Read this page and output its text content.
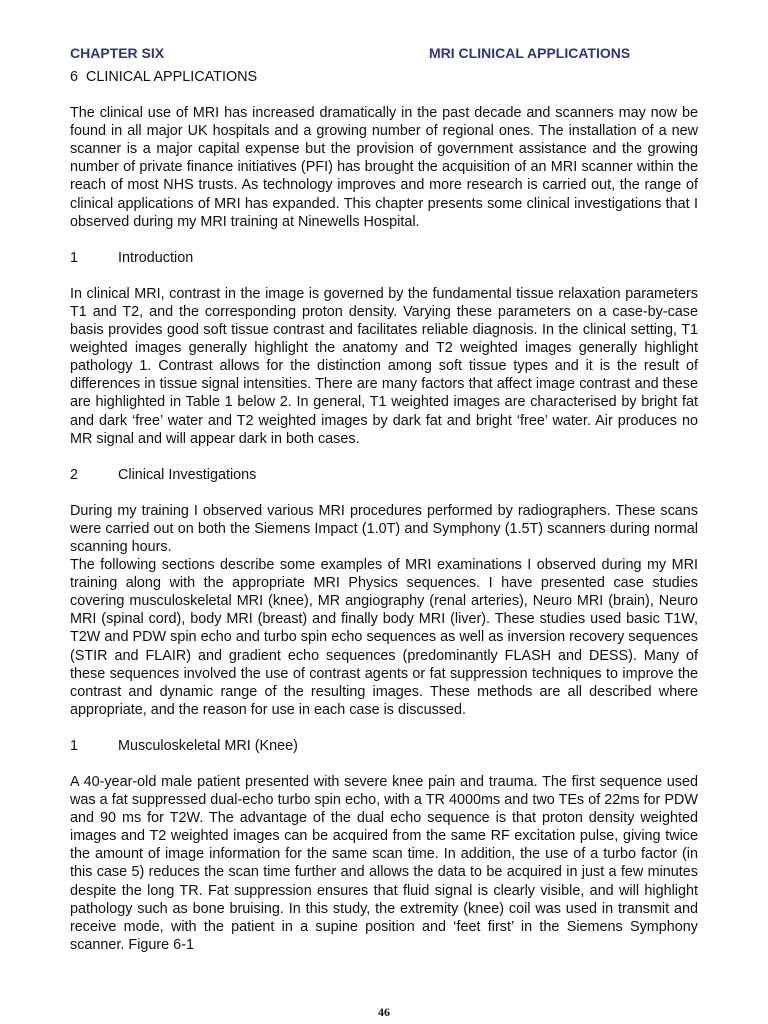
CHAPTER SIX	MRI CLINICAL APPLICATIONS
6 CLINICAL APPLICATIONS

The clinical use of MRI has increased dramatically in the past decade and scanners may now be found in all major UK hospitals and a growing number of regional ones. The installation of a new scanner is a major capital expense but the provision of government assistance and the growing number of private finance initiatives (PFI) has brought the acquisition of an MRI scanner within the reach of most NHS trusts. As technology improves and more research is carried out, the range of clinical applications of MRI has expanded. This chapter presents some clinical investigations that I observed during my MRI training at Ninewells Hospital.

1	Introduction

In clinical MRI, contrast in the image is governed by the fundamental tissue relaxation parameters T1 and T2, and the corresponding proton density. Varying these parameters on a case-by-case basis provides good soft tissue contrast and facilitates reliable diagnosis. In the clinical setting, T1 weighted images generally highlight the anatomy and T2 weighted images generally highlight pathology 1. Contrast allows for the distinction among soft tissue types and it is the result of differences in tissue signal intensities. There are many factors that affect image contrast and these are highlighted in Table 1 below 2. In general, T1 weighted images are characterised by bright fat and dark ‘free’ water and T2 weighted images by dark fat and bright ‘free’ water. Air produces no MR signal and will appear dark in both cases.

2	Clinical Investigations

During my training I observed various MRI procedures performed by radiographers. These scans were carried out on both the Siemens Impact (1.0T) and Symphony (1.5T) scanners during normal scanning hours.

The following sections describe some examples of MRI examinations I observed during my MRI training along with the appropriate MRI Physics sequences. I have presented case studies covering musculoskeletal MRI (knee), MR angiography (renal arteries), Neuro MRI (brain), Neuro MRI (spinal cord), body MRI (breast) and finally body MRI (liver). These studies used basic T1W, T2W and PDW spin echo and turbo spin echo sequences as well as inversion recovery sequences (STIR and FLAIR) and gradient echo sequences (predominantly FLASH and DESS). Many of these sequences involved the use of contrast agents or fat suppression techniques to improve the contrast and dynamic range of the resulting images. These methods are all described where appropriate, and the reason for use in each case is discussed.

1	Musculoskeletal MRI (Knee)

A 40-year-old male patient presented with severe knee pain and trauma. The first sequence used was a fat suppressed dual-echo turbo spin echo, with a TR 4000ms and two TEs of 22ms for PDW and 90 ms for T2W. The advantage of the dual echo sequence is that proton density weighted images and T2 weighted images can be acquired from the same RF excitation pulse, giving twice the amount of image information for the same scan time. In addition, the use of a turbo factor (in this case 5) reduces the scan time further and allows the data to be acquired in just a few minutes despite the long TR. Fat suppression ensures that fluid signal is clearly visible, and will highlight pathology such as bone bruising. In this study, the extremity (knee) coil was used in transmit and receive mode, with the patient in a supine position and ‘feet first’ in the Siemens Symphony scanner. Figure 6-1

46
